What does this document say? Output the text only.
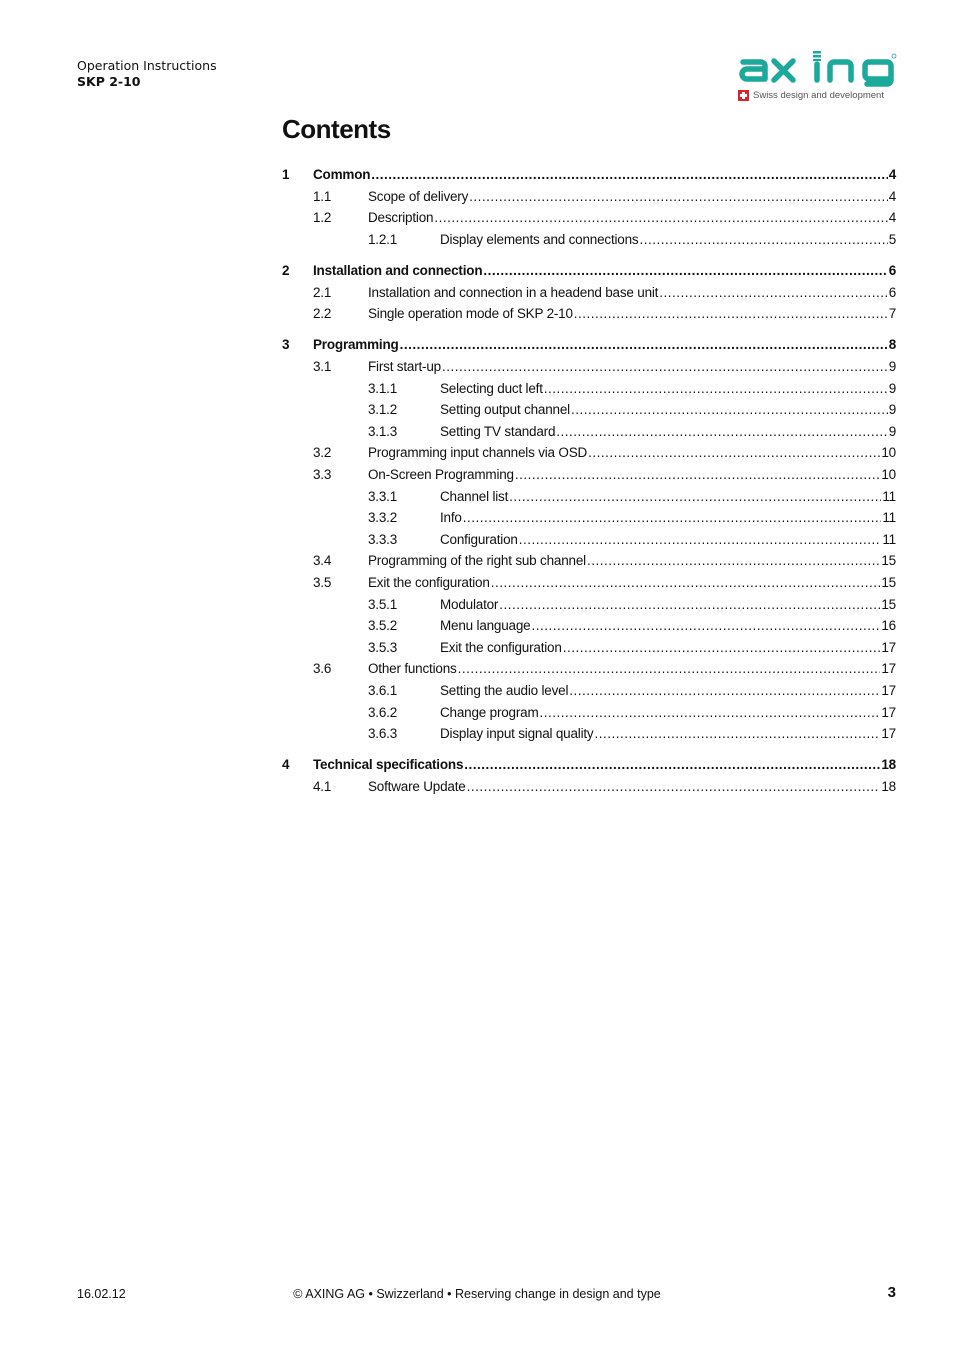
Operation Instructions
SKP 2-10
Swiss design and development
Contents
1	Common .....	4
1.1	Scope of delivery .....	4
1.2	Description .....	4
1.2.1	Display elements and connections .....	5
2	Installation and connection .....	6
2.1	Installation and connection in a headend base unit .....	6
2.2	Single operation mode of SKP 2-10 .....	7
3	Programming .....	8
3.1	First start-up .....	9
3.1.1	Selecting duct left .....	9
3.1.2	Setting output channel .....	9
3.1.3	Setting TV standard .....	9
3.2	Programming input channels via OSD .....	10
3.3	On-Screen Programming .....	10
3.3.1	Channel list .....	11
3.3.2	Info .....	11
3.3.3	Configuration .....	11
3.4	Programming of the right sub channel .....	15
3.5	Exit the configuration .....	15
3.5.1	Modulator .....	15
3.5.2	Menu language .....	16
3.5.3	Exit the configuration .....	17
3.6	Other functions .....	17
3.6.1	Setting the audio level .....	17
3.6.2	Change program .....	17
3.6.3	Display input signal quality .....	17
4	Technical specifications .....	18
4.1	Software Update .....	18
16.02.12	© AXING AG • Swizzerland • Reserving change in design and type	3
